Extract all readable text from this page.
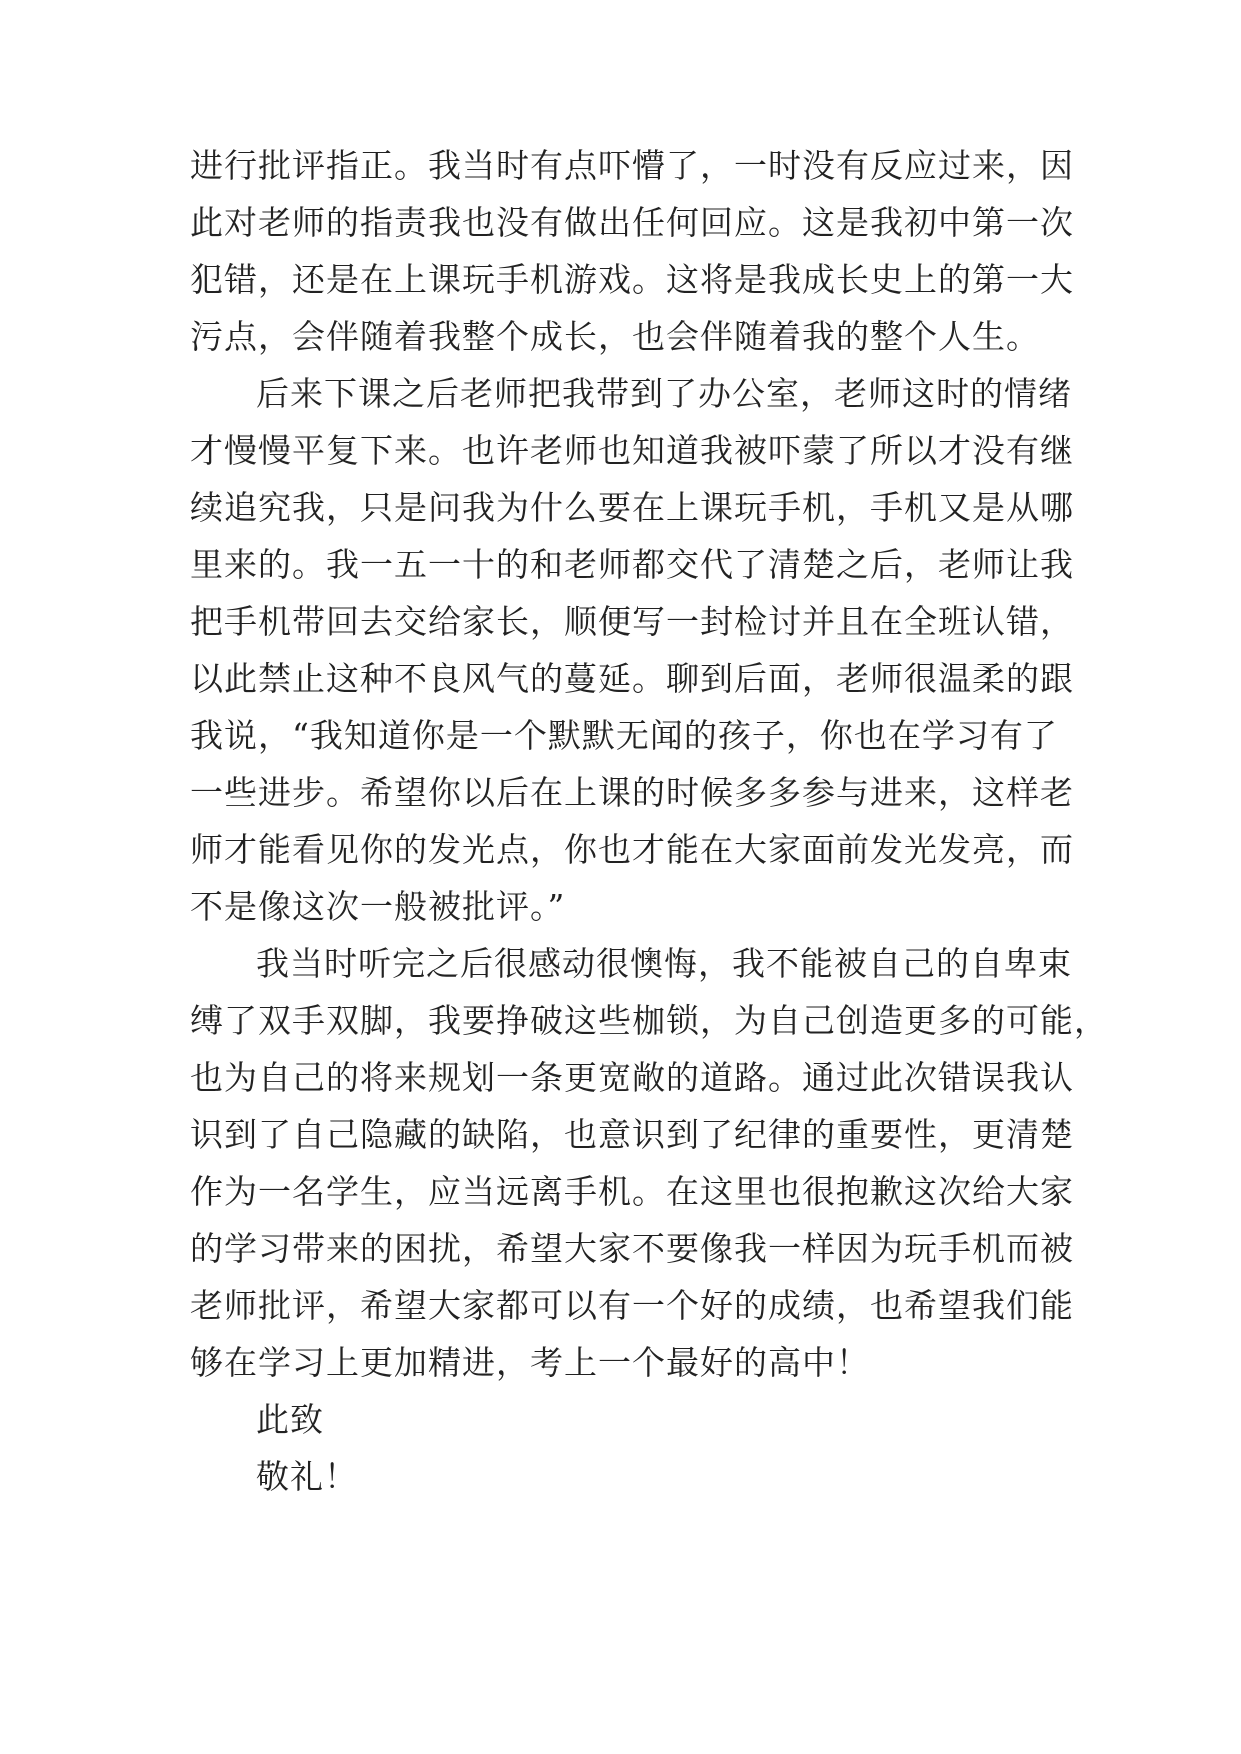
进行批评指正。我当时有点吓懵了，一时没有反应过来，因
此对老师的指责我也没有做出任何回应。这是我初中第一次
犯错，还是在上课玩手机游戏。这将是我成长史上的第一大
污点，会伴随着我整个成长，也会伴随着我的整个人生。
后来下课之后老师把我带到了办公室，老师这时的情绪
才慢慢平复下来。也许老师也知道我被吓蒙了所以才没有继
续追究我，只是问我为什么要在上课玩手机，手机又是从哪
里来的。我一五一十的和老师都交代了清楚之后，老师让我
把手机带回去交给家长，顺便写一封检讨并且在全班认错，
以此禁止这种不良风气的蔓延。聊到后面，老师很温柔的跟
我说，“我知道你是一个默默无闻的孩子，你也在学习有了
一些进步。希望你以后在上课的时候多多参与进来，这样老
师才能看见你的发光点，你也才能在大家面前发光发亮，而
不是像这次一般被批评。”
我当时听完之后很感动很懊悔，我不能被自己的自卑束
缚了双手双脚，我要挣破这些枷锁，为自己创造更多的可能，
也为自己的将来规划一条更宽敞的道路。通过此次错误我认
识到了自己隐藏的缺陷，也意识到了纪律的重要性，更清楚
作为一名学生，应当远离手机。在这里也很抱歉这次给大家
的学习带来的困扰，希望大家不要像我一样因为玩手机而被
老师批评，希望大家都可以有一个好的成绩，也希望我们能
够在学习上更加精进，考上一个最好的高中！
此致
敬礼！
